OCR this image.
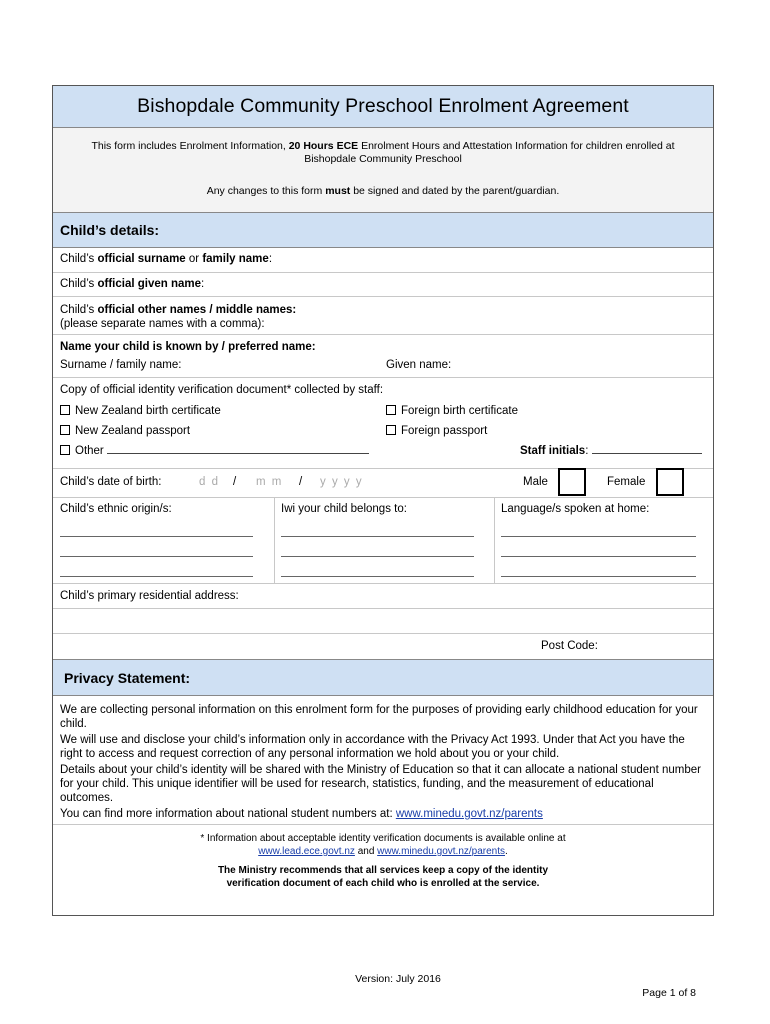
Bishopdale Community Preschool Enrolment Agreement

This form includes Enrolment Information, 20 Hours ECE Enrolment Hours and Attestation Information for children enrolled at

Bishopdale Community Preschool

Any changes to this form must be signed and dated by the parent/guardian.

Child’s details:
Child’s official surname or family name:
Child’s official given name:
Child’s official other names / middle names:
(please separate names with a comma):
Name your child is known by / preferred name:
Surname / family name:	Given name:
Copy of official identity verification document* collected by staff:
New Zealand birth certificate	Foreign birth certificate
New Zealand passport	Foreign passport
Other	Staff initials:
Child’s date of birth:	d d / m m / y y y y	Male	Female
Child’s ethnic origin/s:	Iwi your child belongs to:	Language/s spoken at home:
Child’s primary residential address:
Post Code:
Privacy Statement:

We are collecting personal information on this enrolment form for the purposes of providing early childhood education for your child.

We will use and disclose your child’s information only in accordance with the Privacy Act 1993. Under that Act you have the right to access and request correction of any personal information we hold about you or your child.

Details about your child’s identity will be shared with the Ministry of Education so that it can allocate a national student number for your child. This unique identifier will be used for research, statistics, funding, and the measurement of educational outcomes.

You can find more information about national student numbers at: www.minedu.govt.nz/parents

* Information about acceptable identity verification documents is available online at
www.lead.ece.govt.nz and www.minedu.govt.nz/parents.
The Ministry recommends that all services keep a copy of the identity
verification document of each child who is enrolled at the service.
Version: July 2016
Page 1 of 8
